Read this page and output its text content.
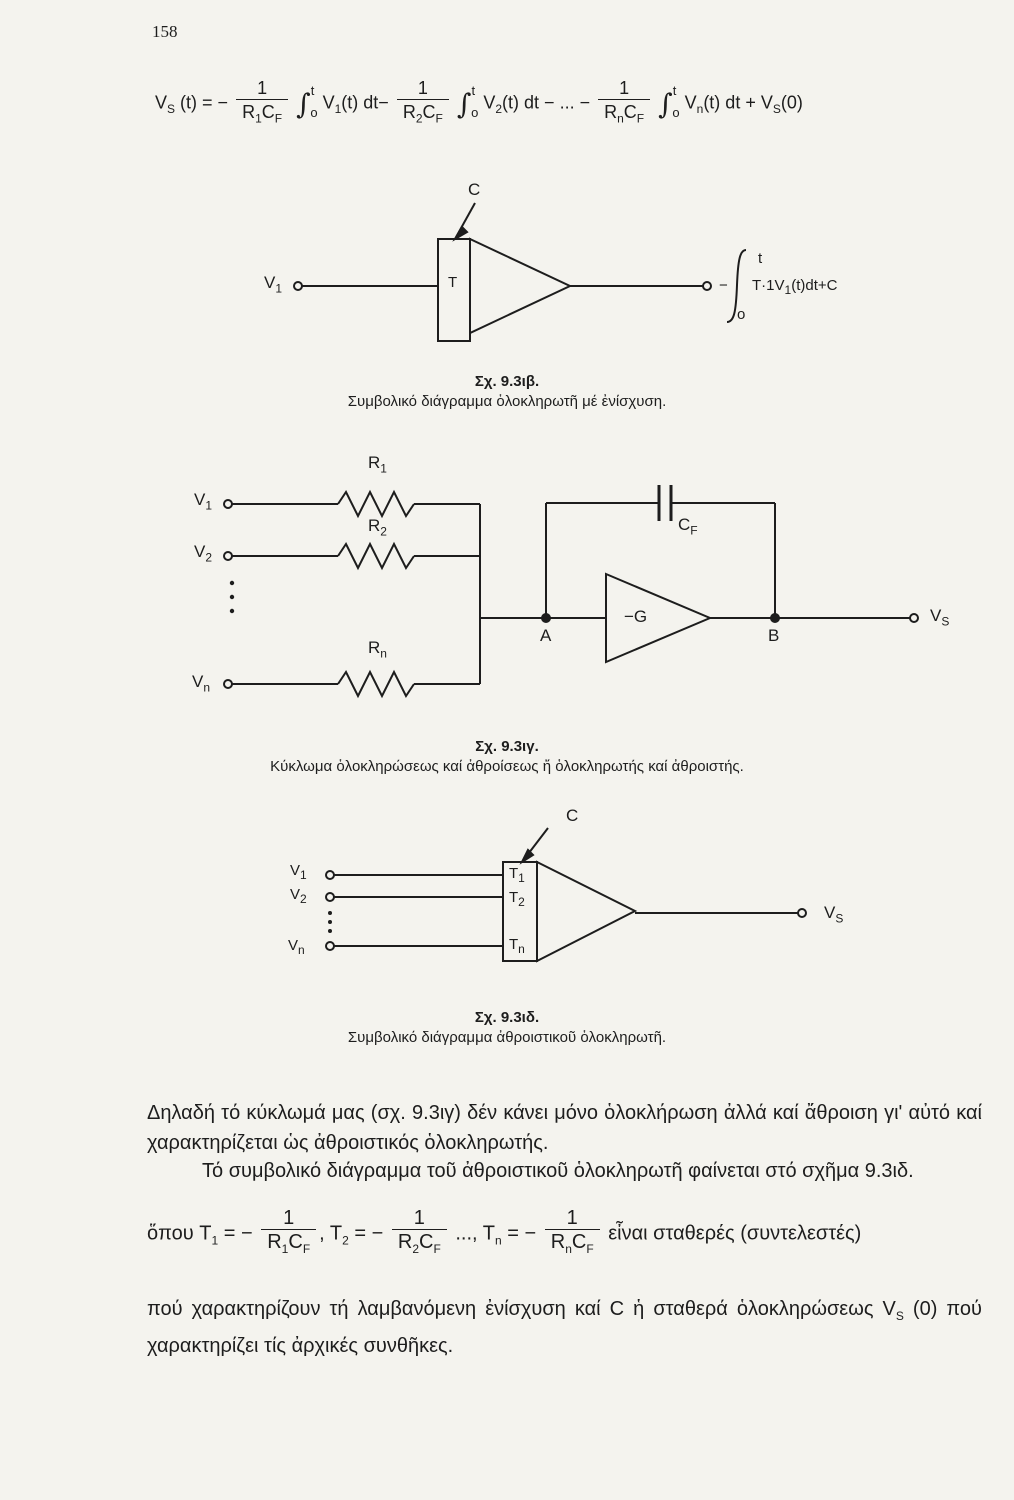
158
$V_S$ (t) = − $\frac{1}{R_1C_F} \int^t_o$ $V_1(t)$ $dt- \frac{1}{R_2C_F} \int^t_o$ $V_2(t)$ dt − ... − $\frac{1}{R_nC_F} \int^t_o$ $V_n(t)$ dt + $V_S(0)$
$V_1$
C
T	−
t
o
$T\cdot 1V_1(t)dt+C$
Σχ. 9.3ιβ.
Συμβολικό διάγραμμα ὁλοκληρωτῆ μέ ἐνίσχυση.
$V_1$
$V_2$
$V_n$
$R_1$
$R_2$
$R_n$
$C_F$
−G
A	B
$V_S$
Σχ. 9.3ιγ.
Κύκλωμα ὁλοκληρώσεως καί ἀθροίσεως ἤ ὁλοκληρωτής καί ἀθροιστής.
$V_1$
$V_2$
$V_n$
$T_1$
$T_2$
$T_n$
C
$V_S$
Σχ. 9.3ιδ.
Συμβολικό διάγραμμα ἀθροιστικοῦ ὁλοκληρωτῆ.
Δηλαδή τό κύκλωμά μας (σχ. 9.3ιγ) δέν κάνει μόνο ὁλοκλήρωση ἀλλά καί ἄθροιση γι' αὐτό καί χαρακτηρίζεται ὡς ἀθροιστικός ὁλοκληρωτής.
Τό συμβολικό διάγραμμα τοῦ ἀθροιστικοῦ ὁλοκληρωτῆ φαίνεται στό σχῆμα 9.3ιδ.
ὅπου $T_1$ = − $\frac{1}{R_1C_F}$ , $T_2$ = − $\frac{1}{R_2C_F}$ ..., $T_n$ = − $\frac{1}{R_nC_F}$ εἶναι σταθερές (συντελεστές)
πού χαρακτηρίζουν τή λαμβανόμενη ἐνίσχυση καί C ἡ σταθερά ὁλοκληρώσεως $V_S$ (0) πού χαρακτηρίζει τίς ἀρχικές συνθῆκες.
